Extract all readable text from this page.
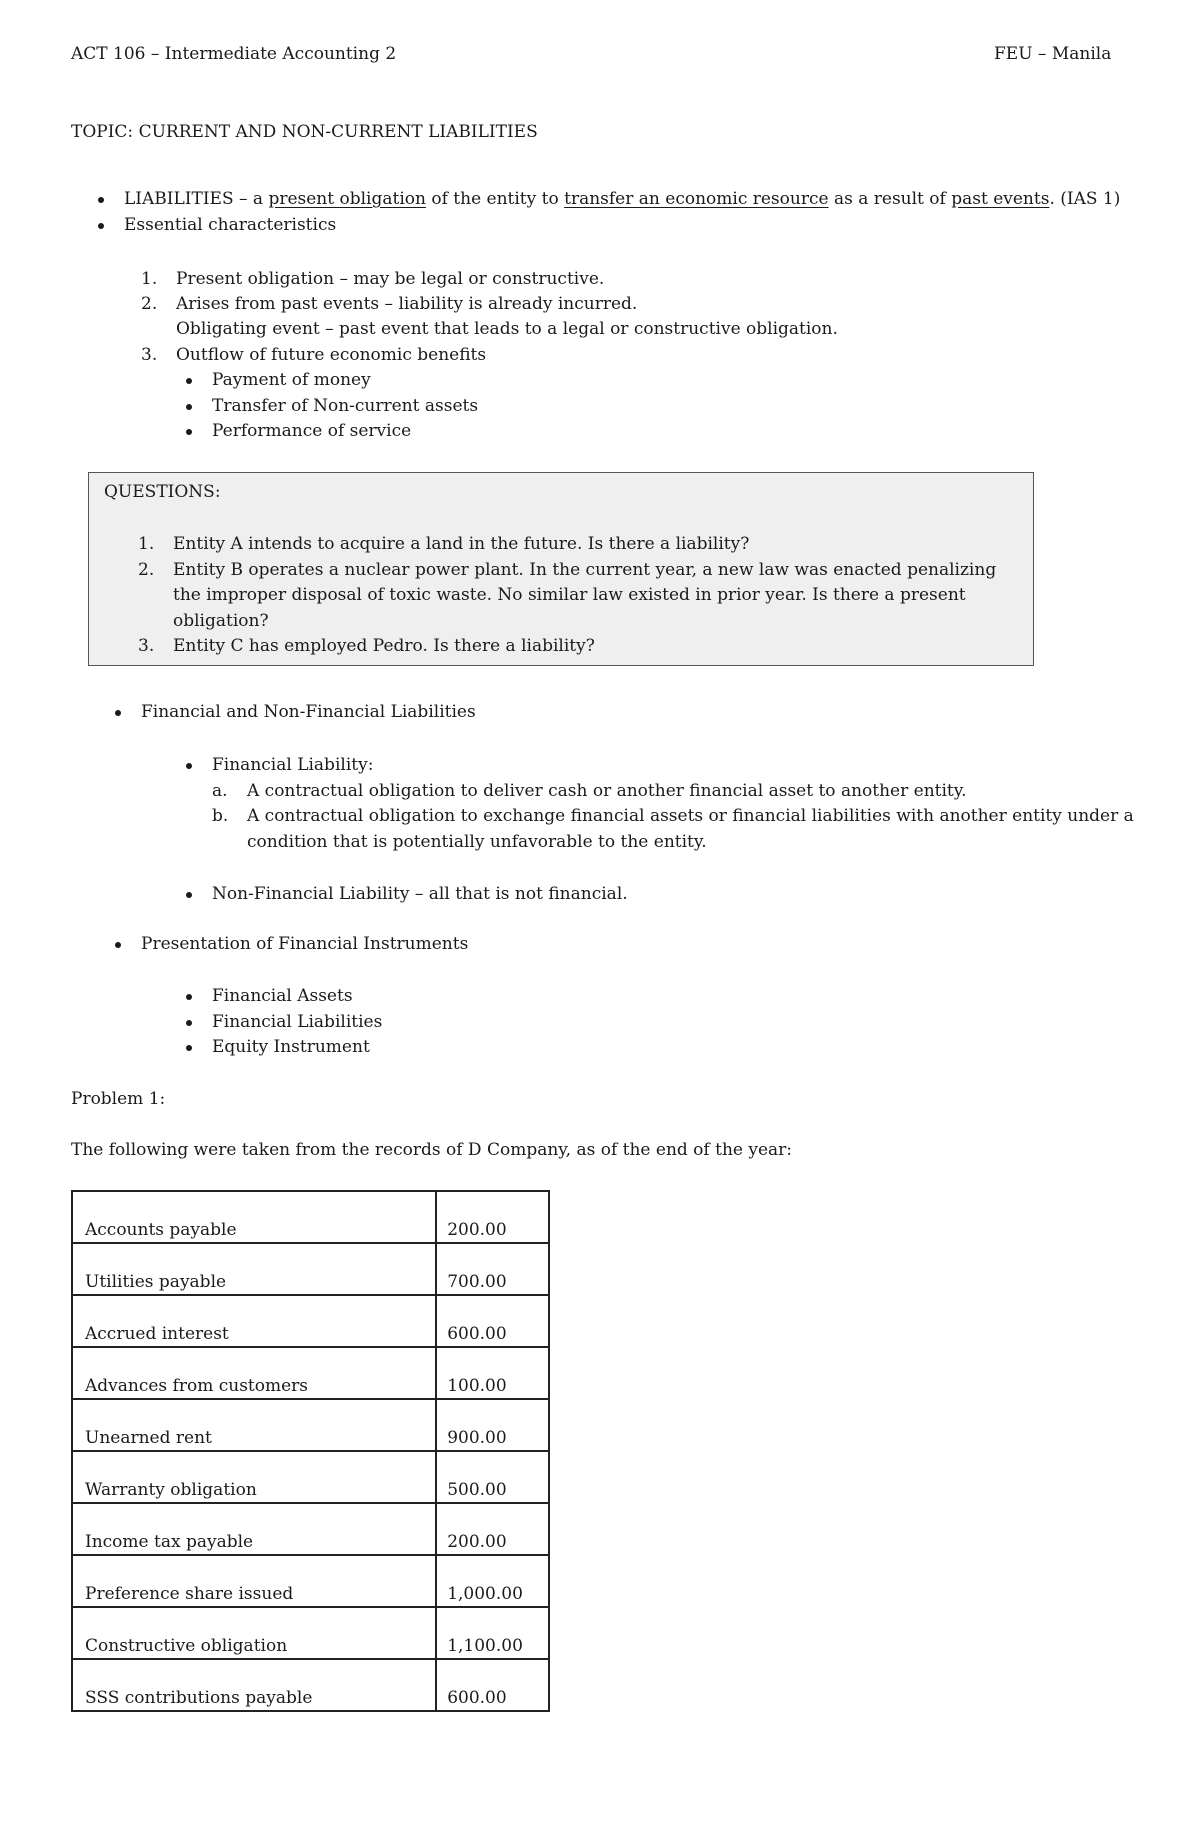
ACT 106 – Intermediate Accounting 2	FEU – Manila
TOPIC: CURRENT AND NON-CURRENT LIABILITIES
LIABILITIES – a present obligation of the entity to transfer an economic resource as a result of past events. (IAS 1)
Essential characteristics
1. Present obligation – may be legal or constructive.
2. Arises from past events – liability is already incurred.
Obligating event – past event that leads to a legal or constructive obligation.
3. Outflow of future economic benefits
Payment of money
Transfer of Non-current assets
Performance of service
QUESTIONS:
1. Entity A intends to acquire a land in the future. Is there a liability?
2. Entity B operates a nuclear power plant. In the current year, a new law was enacted penalizing
the improper disposal of toxic waste. No similar law existed in prior year. Is there a present
obligation?
3. Entity C has employed Pedro. Is there a liability?
Financial and Non-Financial Liabilities
Financial Liability:
a. A contractual obligation to deliver cash or another financial asset to another entity.
b. A contractual obligation to exchange financial assets or financial liabilities with another entity under a
condition that is potentially unfavorable to the entity.
Non-Financial Liability – all that is not financial.
Presentation of Financial Instruments
Financial Assets
Financial Liabilities
Equity Instrument
Problem 1:
The following were taken from the records of D Company, as of the end of the year:
Accounts payable	200.00
Utilities payable	700.00
Accrued interest	600.00
Advances from customers	100.00
Unearned rent	900.00
Warranty obligation	500.00
Income tax payable	200.00
Preference share issued	1,000.00
Constructive obligation	1,100.00
SSS contributions payable	600.00
